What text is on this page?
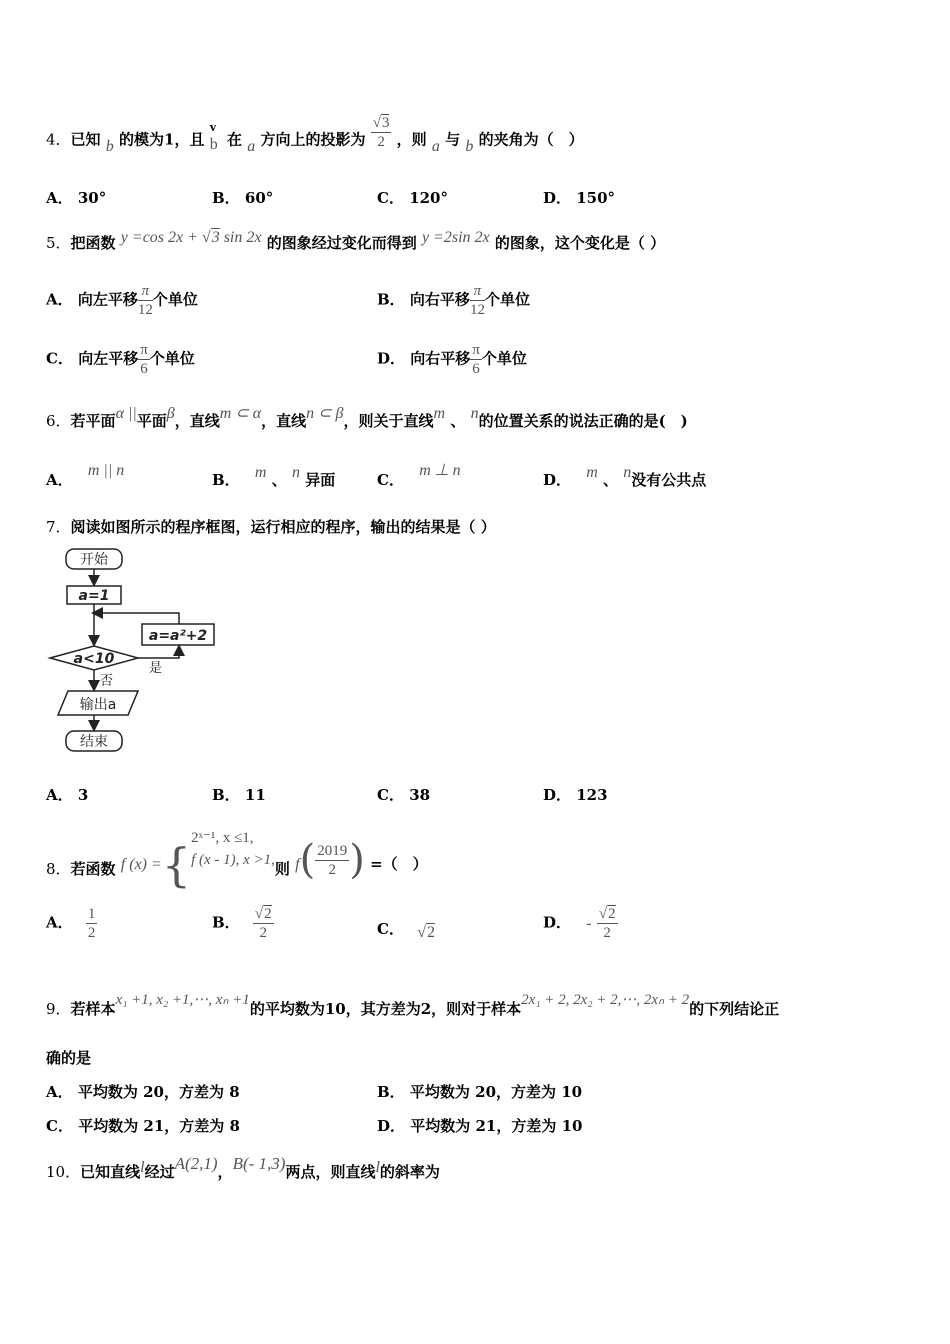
4．已知 b 的模为1，且
v
b 在 a 方向上的投影为 $\frac{√3}{2}$ ，则 a 与 b 的夹角为（　）
A． 30°	B． 60°	C． 120°	D． 150°
5．把函数 y =cos 2x + √3 sin 2x 的图象经过变化而得到 y =2sin 2x 的图象，这个变化是（ ）
A． 向左平移 $\frac{\pi}{12}$ 个单位	B． 向右平移 $\frac{\pi}{12}$ 个单位
C． 向左平移 $\frac{\pi}{6}$ 个单位	D． 向右平移 $\frac{\pi}{6}$ 个单位
6．若平面α ||平面β，直线m ⊂ α，直线n ⊂ β，则关于直线m 、 n的位置关系的说法正确的是(　)
A． m || n
B． m 、 n 异面	C． m ⊥ n
D． m 、 n没有公共点
7．阅读如图所示的程序框图，运行相应的程序，输出的结果是（ ）
开始
a=1
a=a²+2
a<10
是
否
输出a
结束
A． 3	B． 11	C． 38	D． 123
8．若函数 f (x) ={ 2ˣ⁻¹, x ≤1,
f (x - 1), x >1, 则 $f( \frac{2019}{2}$ ) =（　）
A． $\frac{1}{2}$	B． $\frac{√2}{2}$	C． √2
D． - $\frac{√2}{2}$
9．若样本x₁ +1, x₂ +1,⋯, xₙ +1的平均数为10，其方差为2，则对于样本2x₁ + 2, 2x₂ + 2,⋯, 2xₙ + 2的下列结论正
确的是
A． 平均数为 20，方差为 8	B． 平均数为 20，方差为 10
C． 平均数为 21，方差为 8	D． 平均数为 21，方差为 10
10．已知直线l经过A(2,1)，B(- 1,3)两点，则直线l的斜率为
